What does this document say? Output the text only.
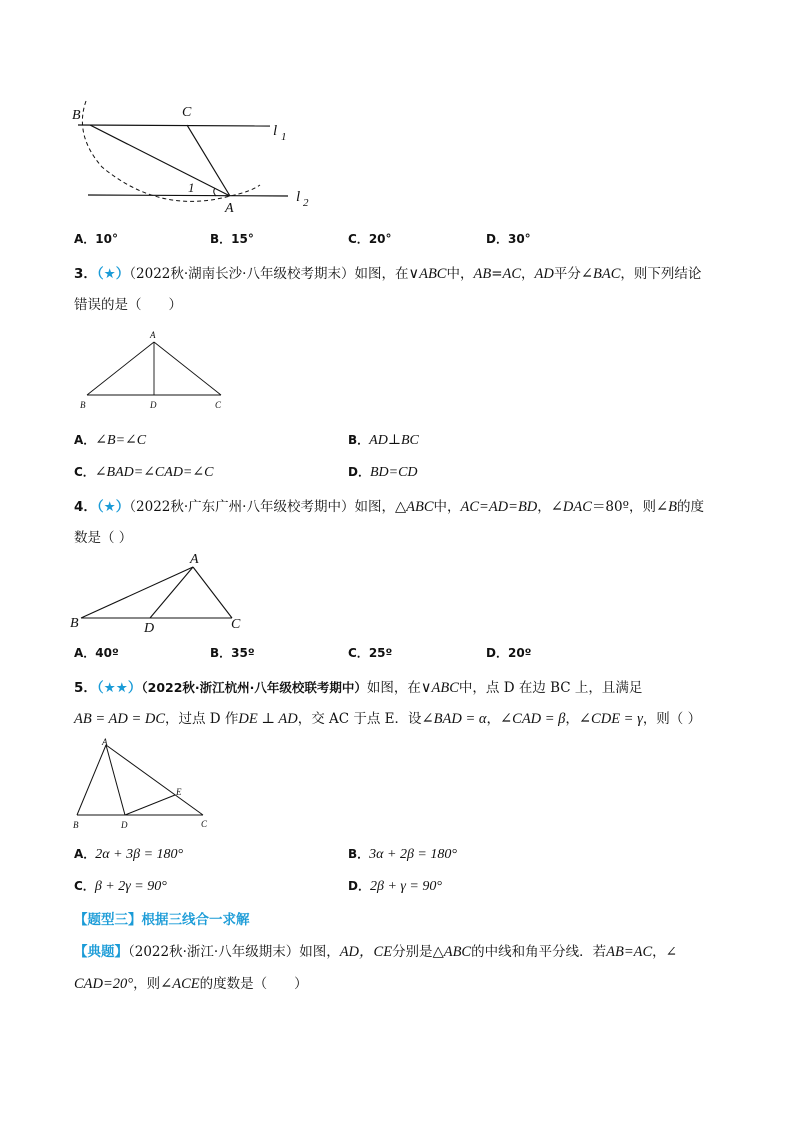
B	C
A
1
l 1
l 2
A．10°	B．15°	C．20°	D．30°
3．（★）（2022秋·湖南长沙·八年级校考期末）如图，在∨ABC中，AB=AC，AD平分∠BAC，则下列结论
错误的是（　　）
A
B	D	C
A．∠B=∠C	B．AD⊥BC
C．∠BAD=∠CAD=∠C	D．BD=CD
4．（★）（2022秋·广东广州·八年级校考期中）如图，△ABC中，AC=AD=BD，∠DAC＝80º，则∠B的度
数是（ ）
A
B	D	C
A．40º	B．35º	C．25º	D．20º
5．（★★）（2022秋·浙江杭州·八年级校联考期中）如图，在∨ABC中，点 D 在边 BC 上，且满足
AB = AD = DC，过点 D 作DE ⊥ AD，交 AC 于点 E．设∠BAD = α，∠CAD = β，∠CDE = γ，则（ ）
A
B	D
E
C
A．2α + 3β = 180°	B．3α + 2β = 180°
C．β + 2γ = 90°	D．2β + γ = 90°
【题型三】根据三线合一求解
【典题】（2022秋·浙江·八年级期末）如图，AD，CE分别是△ABC的中线和角平分线．若AB=AC，∠
CAD=20°，则∠ACE的度数是（　　）
